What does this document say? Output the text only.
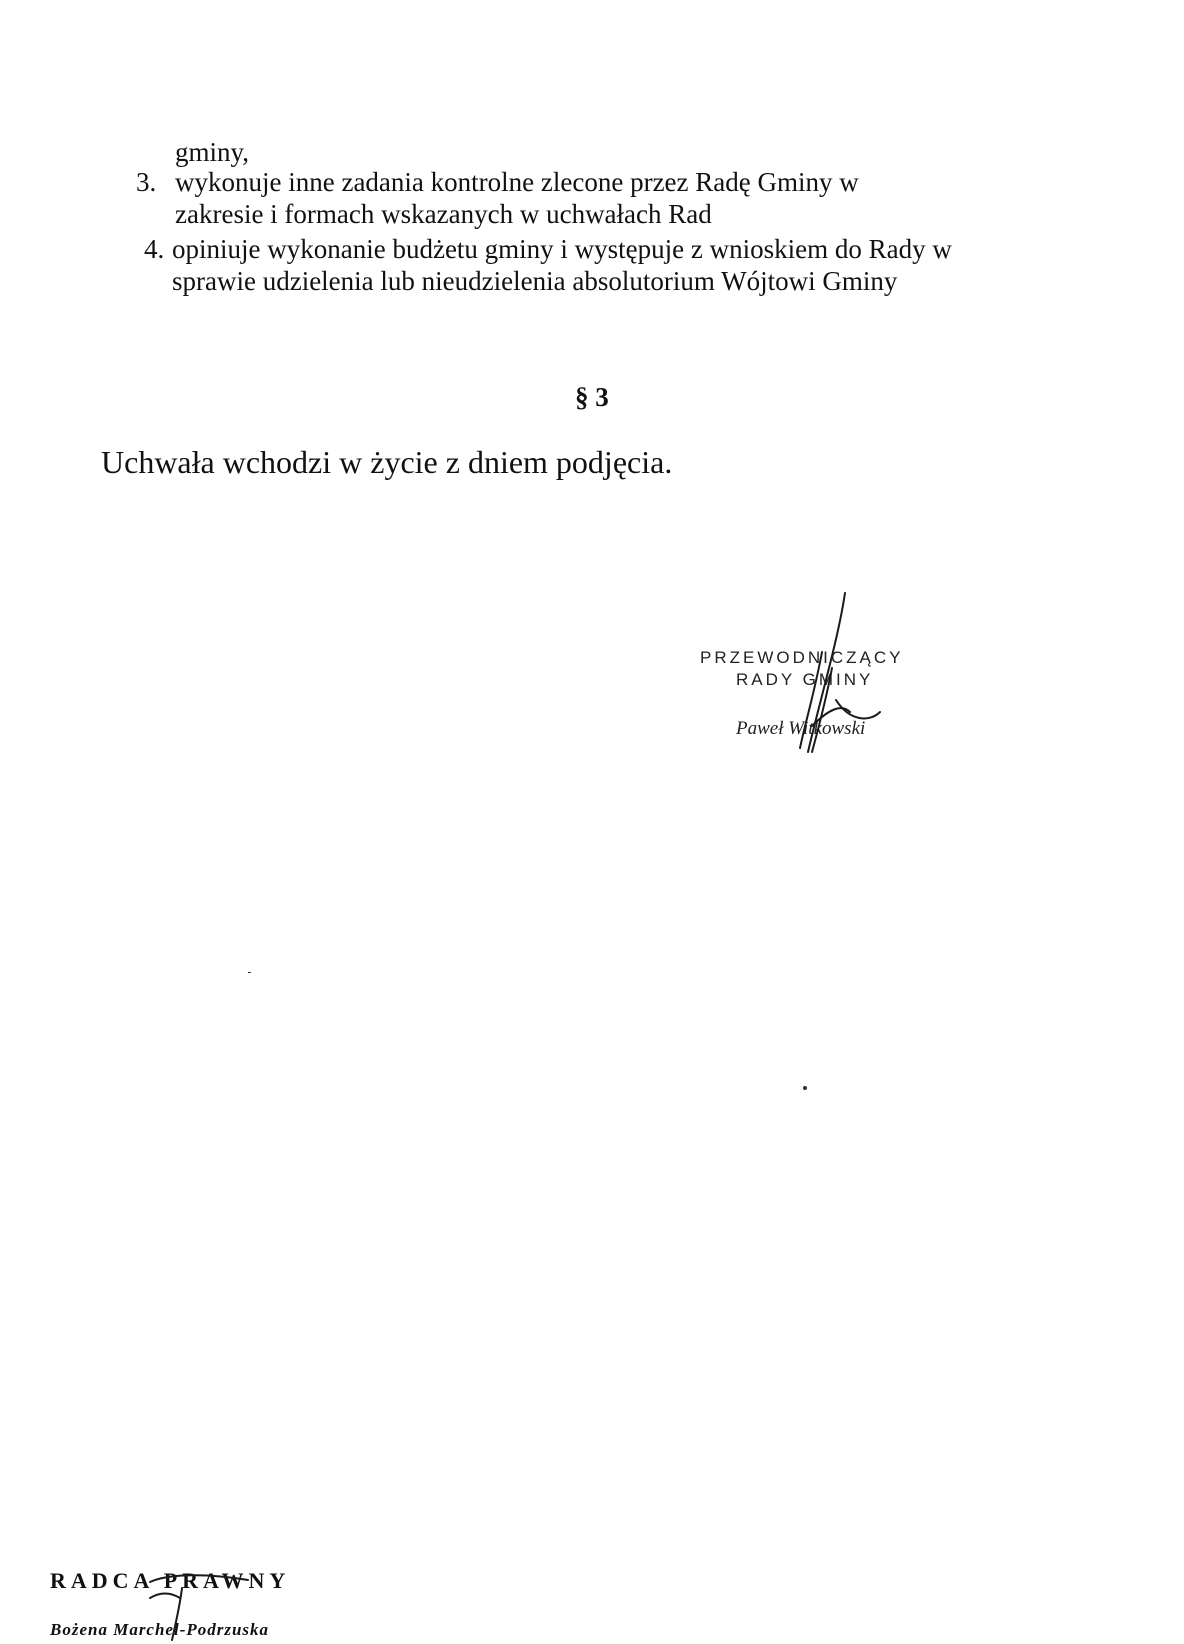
gminy,
3. wykonuje inne zadania kontrolne zlecone przez Radę Gminy w
zakresie i formach wskazanych w uchwałach Rad
4. opiniuje wykonanie budżetu gminy i występuje z wnioskiem do Rady w
sprawie udzielenia lub nieudzielenia absolutorium Wójtowi Gminy
§ 3
Uchwała wchodzi w życie z dniem podjęcia.
PRZEWODNICZĄCY
RADY GMINY
Paweł Witkowski
RADCA PRAWNY
Bożena Marchel-Podrzuska
